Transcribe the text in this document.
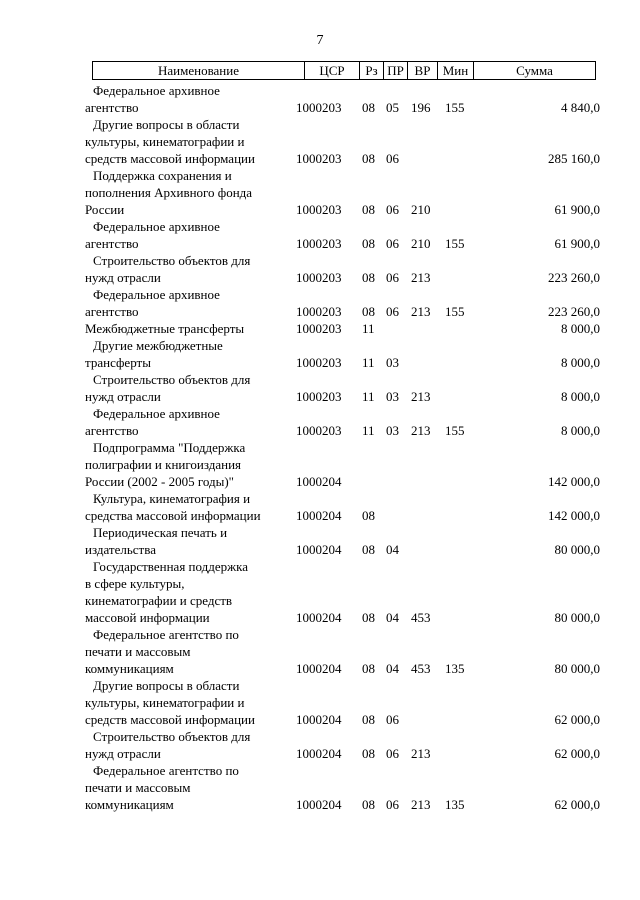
7
Наименование	ЦСР	Рз ПР ВР Мин	Сумма
Федеральное архивное
агентство	1000203 08 05 196 155	4 840,0
Другие вопросы в области
культуры, кинематографии и
средств массовой информации	1000203 08 06	285 160,0
Поддержка сохранения и
пополнения Архивного фонда
России	1000203 08 06 210	61 900,0
Федеральное архивное
агентство	1000203 08 06 210 155	61 900,0
Строительство объектов для
нужд отрасли	1000203 08 06 213	223 260,0
Федеральное архивное
агентство	1000203 08 06 213 155	223 260,0
Межбюджетные трансферты	1000203 11	8 000,0
Другие межбюджетные
трансферты	1000203 11 03	8 000,0
Строительство объектов для
нужд отрасли	1000203 11 03 213	8 000,0
Федеральное архивное
агентство	1000203 11 03 213 155	8 000,0
Подпрограмма "Поддержка
полиграфии и книгоиздания
России (2002 - 2005 годы)"	1000204	142 000,0
Культура, кинематография и
средства массовой информации	1000204 08	142 000,0
Периодическая печать и
издательства	1000204 08 04	80 000,0
Государственная поддержка
в сфере культуры,
кинематографии и средств
массовой информации	1000204 08 04 453	80 000,0
Федеральное агентство по
печати и массовым
коммуникациям	1000204 08 04 453 135	80 000,0
Другие вопросы в области
культуры, кинематографии и
средств массовой информации	1000204 08 06	62 000,0
Строительство объектов для
нужд отрасли	1000204 08 06 213	62 000,0
Федеральное агентство по
печати и массовым
коммуникациям	1000204 08 06 213 135	62 000,0
